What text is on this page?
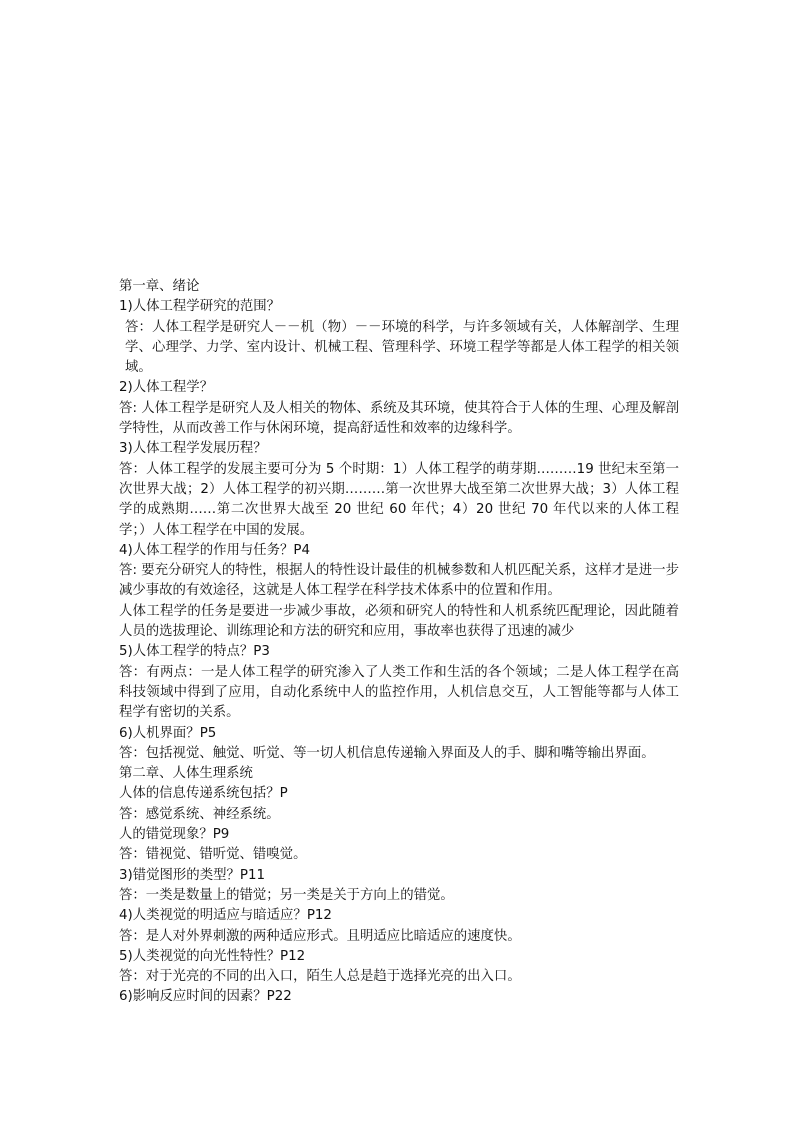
第一章、绪论
1)人体工程学研究的范围？
答：人体工程学是研究人－－机（物）－－环境的科学，与许多领域有关，人体解剖学、生理学、心理学、力学、室内设计、机械工程、管理科学、环境工程学等都是人体工程学的相关领域。
2)人体工程学？
答: 人体工程学是研究人及人相关的物体、系统及其环境，使其符合于人体的生理、心理及解剖学特性，从而改善工作与休闲环境，提高舒适性和效率的边缘科学。
3)人体工程学发展历程？
答：人体工程学的发展主要可分为 5 个时期：1）人体工程学的萌芽期………19 世纪末至第一次世界大战；2）人体工程学的初兴期………第一次世界大战至第二次世界大战；3）人体工程学的成熟期……第二次世界大战至 20 世纪 60 年代；4）20 世纪 70 年代以来的人体工程学；）人体工程学在中国的发展。
4)人体工程学的作用与任务？P4
答: 要充分研究人的特性，根据人的特性设计最佳的机械参数和人机匹配关系，这样才是进一步减少事故的有效途径，这就是人体工程学在科学技术体系中的位置和作用。
人体工程学的任务是要进一步减少事故，必须和研究人的特性和人机系统匹配理论，因此随着人员的选拔理论、训练理论和方法的研究和应用，事故率也获得了迅速的减少
5)人体工程学的特点？P3
答：有两点：一是人体工程学的研究渗入了人类工作和生活的各个领域；二是人体工程学在高科技领域中得到了应用，自动化系统中人的监控作用，人机信息交互，人工智能等都与人体工程学有密切的关系。
6)人机界面？P5
答：包括视觉、触觉、听觉、等一切人机信息传递输入界面及人的手、脚和嘴等输出界面。
第二章、人体生理系统
人体的信息传递系统包括？P
答：感觉系统、神经系统。
人的错觉现象？P9
答：错视觉、错听觉、错嗅觉。
3)错觉图形的类型？P11
答：一类是数量上的错觉；另一类是关于方向上的错觉。
4)人类视觉的明适应与暗适应？P12
答：是人对外界刺激的两种适应形式。且明适应比暗适应的速度快。
5)人类视觉的向光性特性？P12
答：对于光亮的不同的出入口，陌生人总是趋于选择光亮的出入口。
6)影响反应时间的因素？P22
